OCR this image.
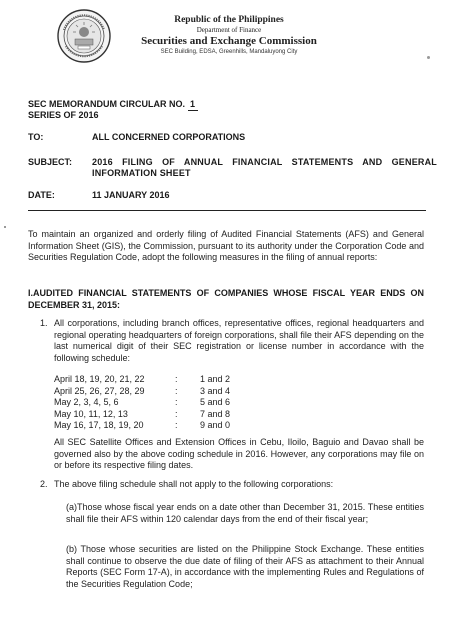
Republic of the Philippines
Department of Finance
Securities and Exchange Commission
SEC Building, EDSA, Greenhills, Mandaluyong City
SEC MEMORANDUM CIRCULAR NO. 1
SERIES OF 2016
TO:	ALL CONCERNED CORPORATIONS
SUBJECT:	2016 FILING OF ANNUAL FINANCIAL STATEMENTS AND GENERAL INFORMATION SHEET
DATE:	11 JANUARY 2016
To maintain an organized and orderly filing of Audited Financial Statements (AFS) and General Information Sheet (GIS), the Commission, pursuant to its authority under the Corporation Code and Securities Regulation Code, adopt the following measures in the filing of annual reports:
I.AUDITED FINANCIAL STATEMENTS OF COMPANIES WHOSE FISCAL YEAR ENDS ON DECEMBER 31, 2015:
1. All corporations, including branch offices, representative offices, regional headquarters and regional operating headquarters of foreign corporations, shall file their AFS depending on the last numerical digit of their SEC registration or license number in accordance with the following schedule:
April 18, 19, 20, 21, 22	: 1 and 2
April 25, 26, 27, 28, 29	: 3 and 4
May 2, 3, 4, 5, 6	: 5 and 6
May 10, 11, 12, 13	: 7 and 8
May 16, 17, 18, 19, 20	: 9 and 0
All SEC Satellite Offices and Extension Offices in Cebu, Iloilo, Baguio and Davao shall be governed also by the above coding schedule in 2016. However, any corporations may file on or before its respective filing dates.
2. The above filing schedule shall not apply to the following corporations:
(a)Those whose fiscal year ends on a date other than December 31, 2015. These entities shall file their AFS within 120 calendar days from the end of their fiscal year;
(b) Those whose securities are listed on the Philippine Stock Exchange. These entities shall continue to observe the due date of filing of their AFS as attachment to their Annual Reports (SEC Form 17-A), in accordance with the implementing Rules and Regulations of the Securities Regulation Code;
